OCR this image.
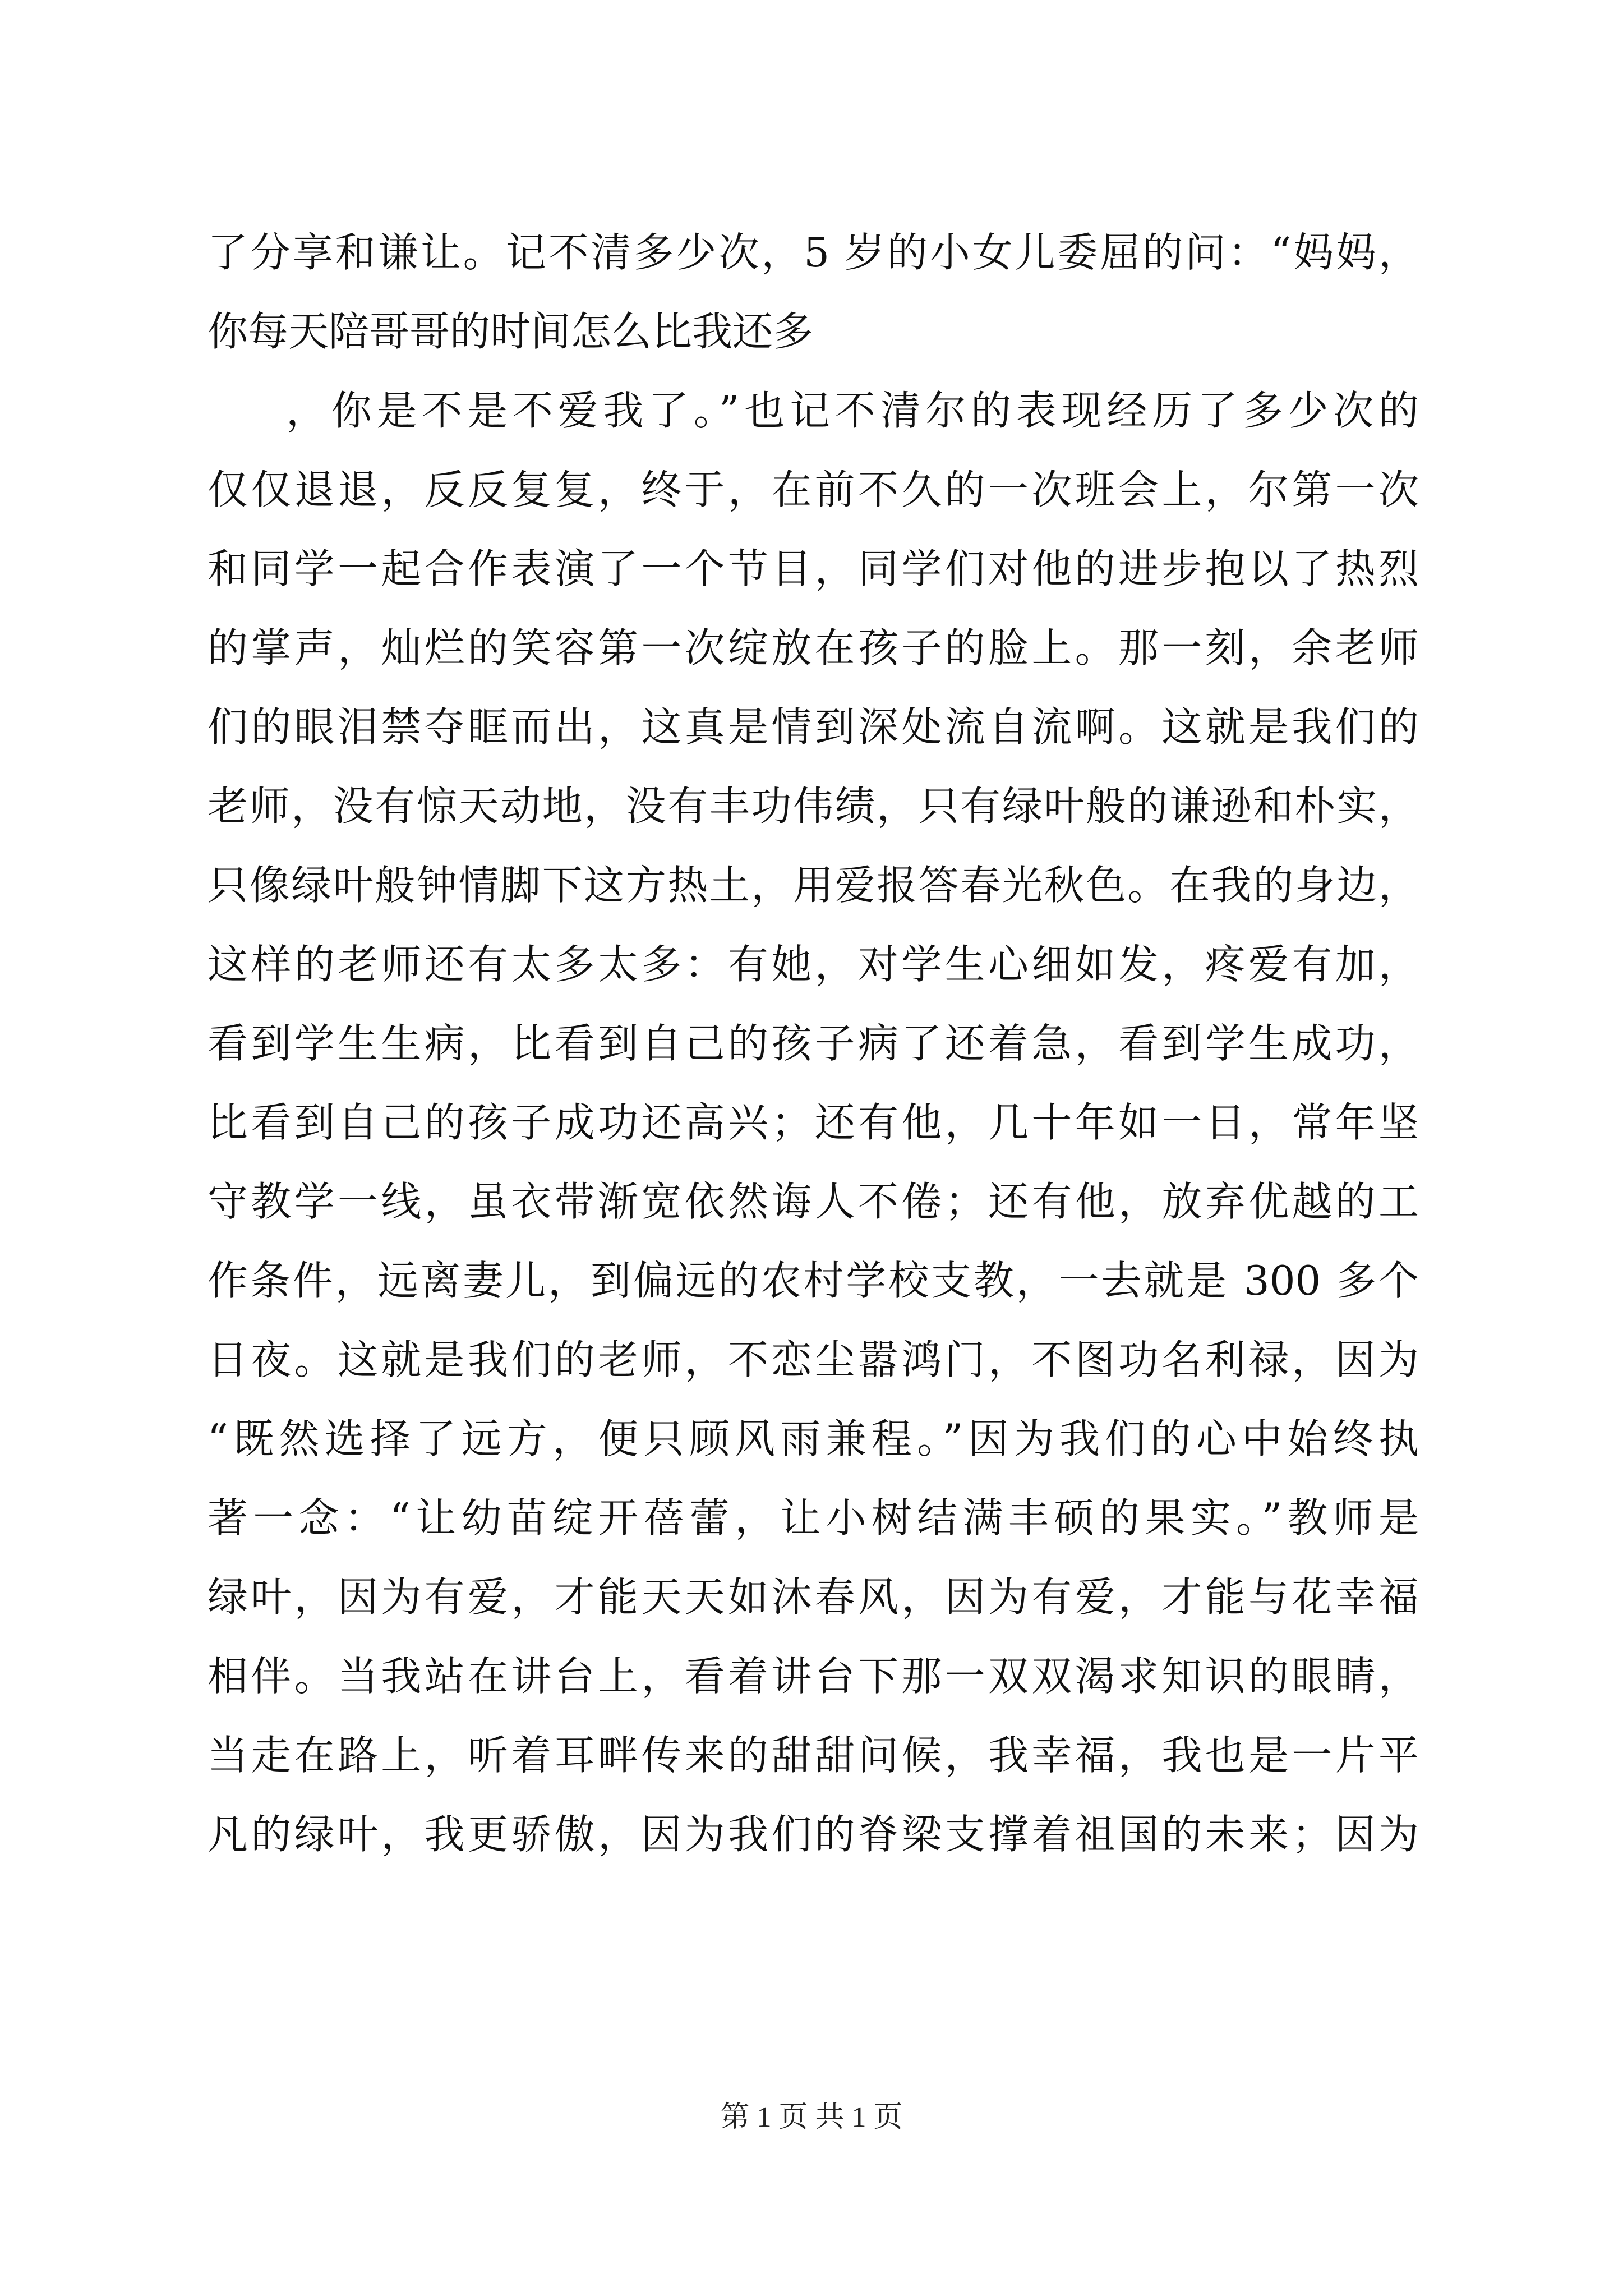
了分享和谦让。记不清多少次，5 岁的小女儿委屈的问：“妈妈，
你每天陪哥哥的时间怎么比我还多
，你是不是不爱我了。”也记不清尔的表现经历了多少次的
仅仅退退，反反复复，终于，在前不久的一次班会上，尔第一次
和同学一起合作表演了一个节目，同学们对他的进步抱以了热烈
的掌声，灿烂的笑容第一次绽放在孩子的脸上。那一刻，余老师
们的眼泪禁夺眶而出，这真是情到深处流自流啊。这就是我们的
老师，没有惊天动地，没有丰功伟绩，只有绿叶般的谦逊和朴实，
只像绿叶般钟情脚下这方热土，用爱报答春光秋色。在我的身边，
这样的老师还有太多太多：有她，对学生心细如发，疼爱有加，
看到学生生病，比看到自己的孩子病了还着急，看到学生成功，
比看到自己的孩子成功还高兴；还有他，几十年如一日，常年坚
守教学一线，虽衣带渐宽依然诲人不倦；还有他，放弃优越的工
作条件，远离妻儿，到偏远的农村学校支教，一去就是 300 多个
日夜。这就是我们的老师，不恋尘嚣鸿门，不图功名利禄，因为
“既然选择了远方，便只顾风雨兼程。”因为我们的心中始终执
著一念：“让幼苗绽开蓓蕾，让小树结满丰硕的果实。”教师是
绿叶，因为有爱，才能天天如沐春风，因为有爱，才能与花幸福
相伴。当我站在讲台上，看着讲台下那一双双渴求知识的眼睛，
当走在路上，听着耳畔传来的甜甜问候，我幸福，我也是一片平
凡的绿叶，我更骄傲，因为我们的脊梁支撑着祖国的未来；因为
第 1 页 共 1 页
